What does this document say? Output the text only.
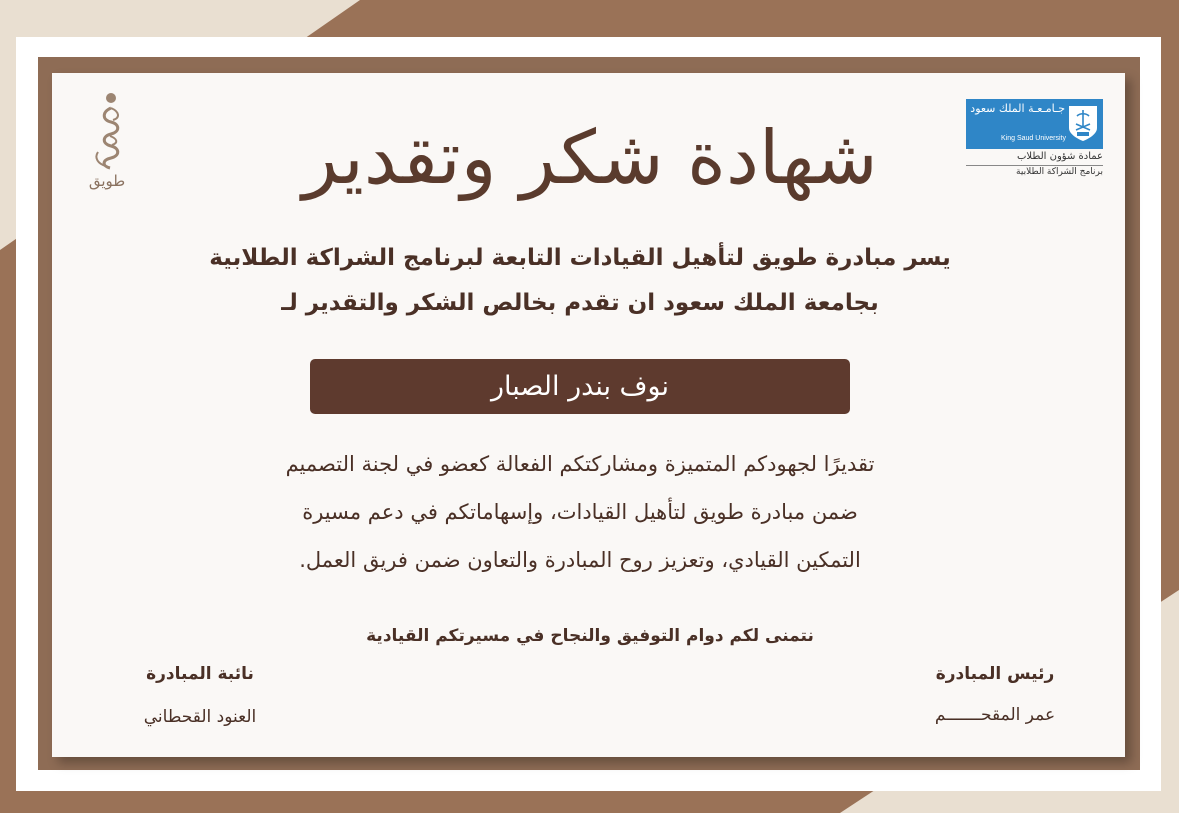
طويق
جـامـعـة الملك سعود
King Saud University
عمادة شؤون الطلاب
برنامج الشراكة الطلابية
شهادة شكر وتقدير
يسر مبادرة طويق لتأهيل القيادات التابعة لبرنامج الشراكة الطلابية
بجامعة الملك سعود ان تقدم بخالص الشكر والتقدير لـ
نوف بندر الصبار
تقديرًا لجهودكم المتميزة ومشاركتكم الفعالة كعضو في لجنة التصميم
ضمن مبادرة طويق لتأهيل القيادات، وإسهاماتكم في دعم مسيرة
التمكين القيادي، وتعزيز روح المبادرة والتعاون ضمن فريق العمل.
نتمنى لكم دوام التوفيق والنجاح في مسيرتكم القيادية
نائبة المبادرة
العنود القحطاني
رئيس المبادرة
عمر المقحـــــــم
